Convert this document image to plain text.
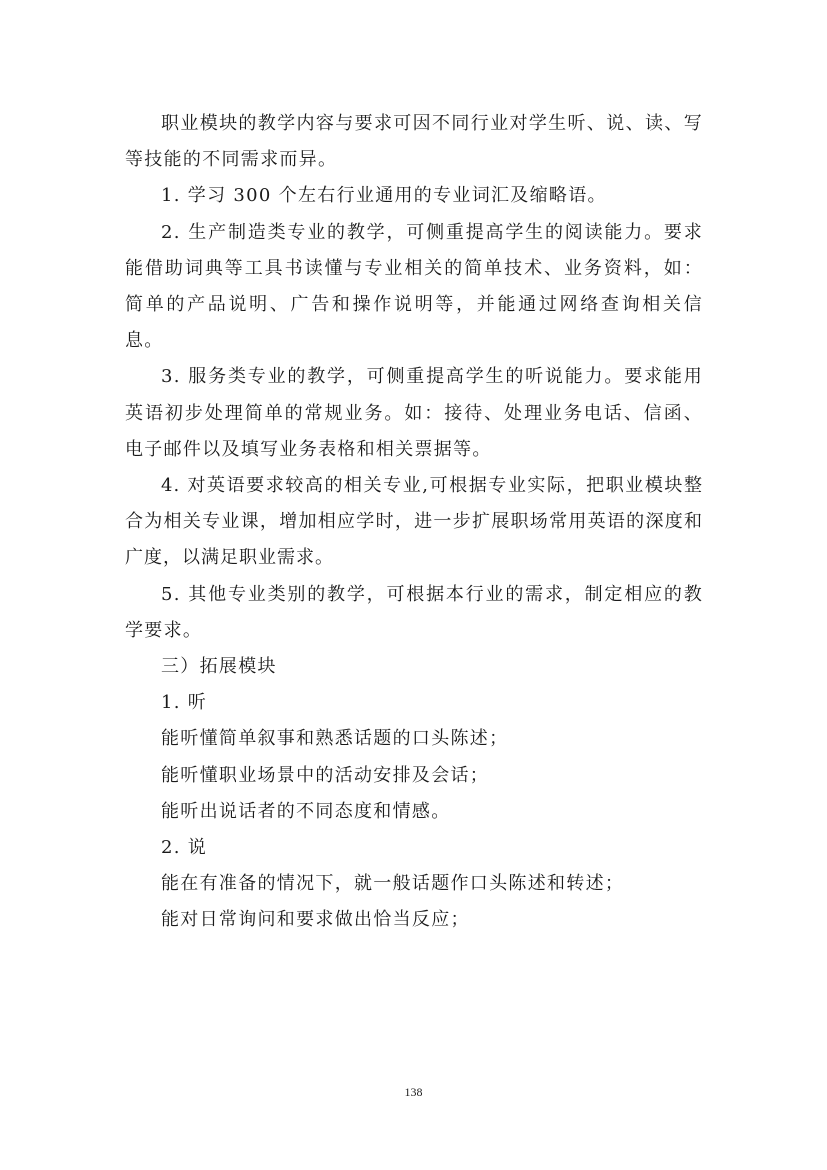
职业模块的教学内容与要求可因不同行业对学生听、说、读、写等技能的不同需求而异。

1. 学习 300 个左右行业通用的专业词汇及缩略语。

2. 生产制造类专业的教学，可侧重提高学生的阅读能力。要求能借助词典等工具书读懂与专业相关的简单技术、业务资料，如：简单的产品说明、广告和操作说明等，并能通过网络查询相关信息。

3. 服务类专业的教学，可侧重提高学生的听说能力。要求能用英语初步处理简单的常规业务。如：接待、处理业务电话、信函、电子邮件以及填写业务表格和相关票据等。

4. 对英语要求较高的相关专业,可根据专业实际，把职业模块整合为相关专业课，增加相应学时，进一步扩展职场常用英语的深度和广度，以满足职业需求。

5. 其他专业类别的教学，可根据本行业的需求，制定相应的教学要求。

三）拓展模块

1. 听

能听懂简单叙事和熟悉话题的口头陈述；

能听懂职业场景中的活动安排及会话；

能听出说话者的不同态度和情感。

2. 说

能在有准备的情况下，就一般话题作口头陈述和转述；

能对日常询问和要求做出恰当反应；

138
